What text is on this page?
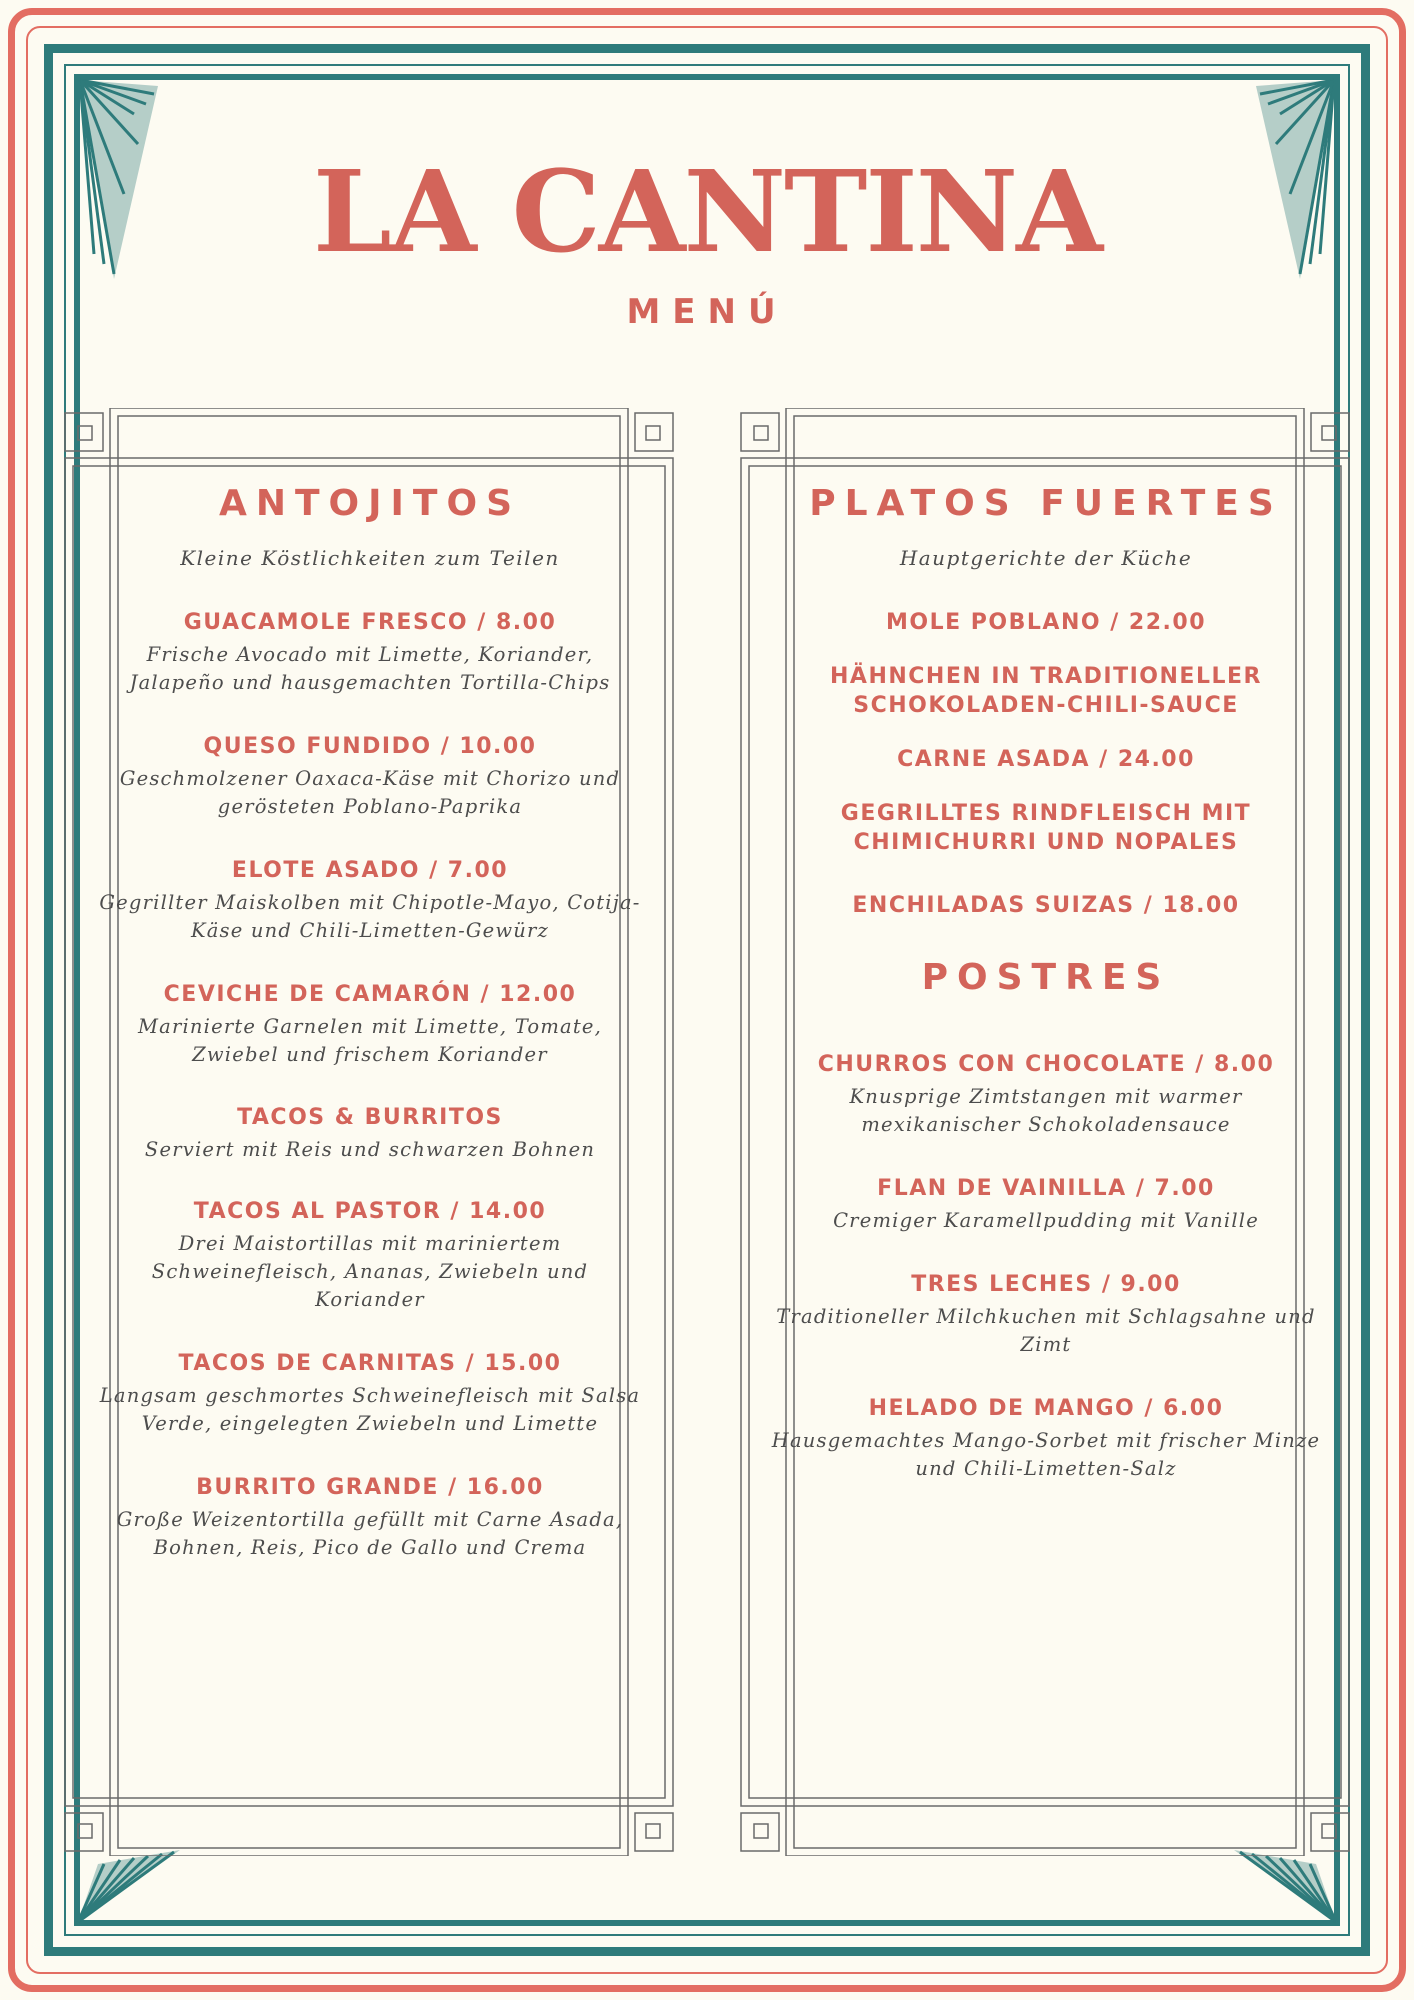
LA CANTINA
MENÚ
ANTOJITOS

Kleine Köstlichkeiten zum Teilen

GUACAMOLE FRESCO / 8.00

Frische Avocado mit Limette, Koriander, Jalapeño und hausgemachten Tortilla-Chips

QUESO FUNDIDO / 10.00

Geschmolzener Oaxaca-Käse mit Chorizo und gerösteten Poblano-Paprika

ELOTE ASADO / 7.00

Gegrillter Maiskolben mit Chipotle-Mayo, Cotija-Käse und Chili-Limetten-Gewürz

CEVICHE DE CAMARÓN / 12.00

Marinierte Garnelen mit Limette, Tomate, Zwiebel und frischem Koriander

TACOS & BURRITOS

Serviert mit Reis und schwarzen Bohnen

TACOS AL PASTOR / 14.00

Drei Maistortillas mit mariniertem Schweinefleisch, Ananas, Zwiebeln und Koriander

TACOS DE CARNITAS / 15.00

Langsam geschmortes Schweinefleisch mit Salsa Verde, eingelegten Zwiebeln und Limette

BURRITO GRANDE / 16.00

Große Weizentortilla gefüllt mit Carne Asada, Bohnen, Reis, Pico de Gallo und Crema

PLATOS FUERTES

Hauptgerichte der Küche

MOLE POBLANO / 22.00

HÄHNCHEN IN TRADITIONELLER SCHOKOLADEN-CHILI-SAUCE

CARNE ASADA / 24.00

GEGRILLTES RINDFLEISCH MIT CHIMICHURRI UND NOPALES

ENCHILADAS SUIZAS / 18.00

POSTRES

CHURROS CON CHOCOLATE / 8.00

Knusprige Zimtstangen mit warmer mexikanischer Schokoladensauce

FLAN DE VAINILLA / 7.00

Cremiger Karamellpudding mit Vanille

TRES LECHES / 9.00

Traditioneller Milchkuchen mit Schlagsahne und Zimt

HELADO DE MANGO / 6.00

Hausgemachtes Mango-Sorbet mit frischer Minze und Chili-Limetten-Salz
